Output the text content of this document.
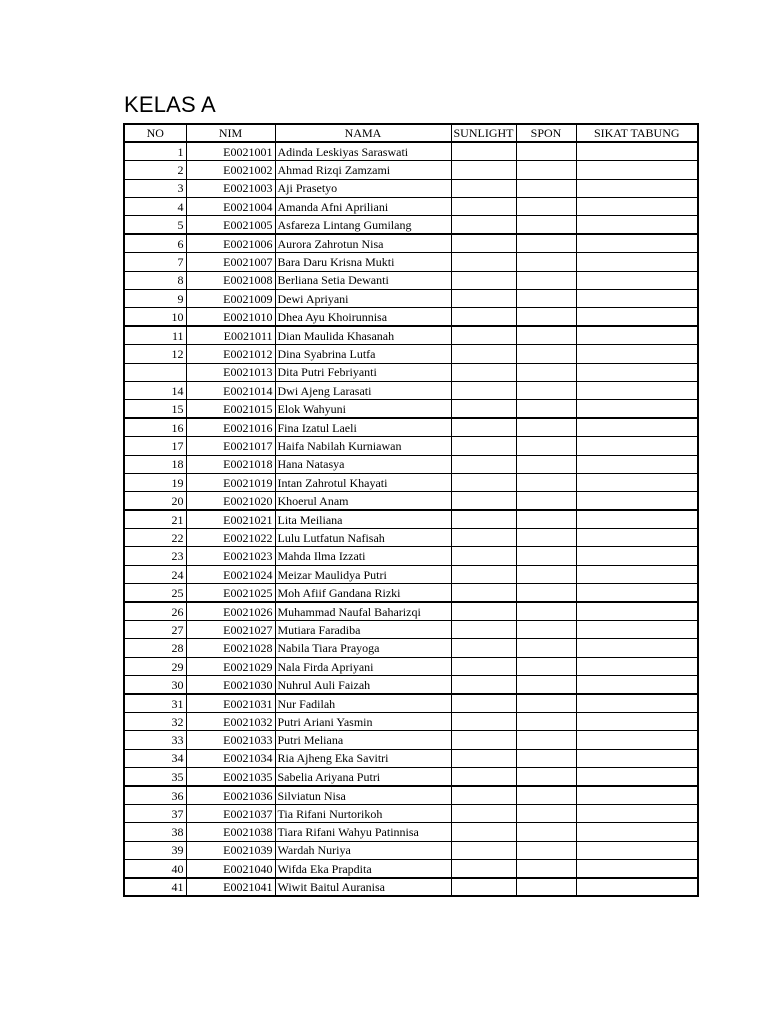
KELAS A
NO	NIM	NAMA	SUNLIGHT	SPON	SIKAT TABUNG
1	E0021001	Adinda Leskiyas Saraswati			
2	E0021002	Ahmad Rizqi Zamzami			
3	E0021003	Aji Prasetyo			
4	E0021004	Amanda Afni Apriliani			
5	E0021005	Asfareza Lintang Gumilang			
6	E0021006	Aurora Zahrotun Nisa			
7	E0021007	Bara Daru Krisna Mukti			
8	E0021008	Berliana Setia Dewanti			
9	E0021009	Dewi Apriyani			
10	E0021010	Dhea Ayu Khoirunnisa			
11	E0021011	Dian Maulida Khasanah			
12	E0021012	Dina Syabrina Lutfa			
	E0021013	Dita Putri Febriyanti			
14	E0021014	Dwi Ajeng Larasati			
15	E0021015	Elok Wahyuni			
16	E0021016	Fina Izatul Laeli			
17	E0021017	Haifa Nabilah Kurniawan			
18	E0021018	Hana Natasya			
19	E0021019	Intan Zahrotul Khayati			
20	E0021020	Khoerul Anam			
21	E0021021	Lita Meiliana			
22	E0021022	Lulu Lutfatun Nafisah			
23	E0021023	Mahda Ilma Izzati			
24	E0021024	Meizar Maulidya Putri			
25	E0021025	Moh Afiif Gandana Rizki			
26	E0021026	Muhammad Naufal Baharizqi			
27	E0021027	Mutiara Faradiba			
28	E0021028	Nabila Tiara Prayoga			
29	E0021029	Nala Firda Apriyani			
30	E0021030	Nuhrul Auli Faizah			
31	E0021031	Nur Fadilah			
32	E0021032	Putri Ariani Yasmin			
33	E0021033	Putri Meliana			
34	E0021034	Ria Ajheng Eka Savitri			
35	E0021035	Sabelia Ariyana Putri			
36	E0021036	Silviatun Nisa			
37	E0021037	Tia Rifani Nurtorikoh			
38	E0021038	Tiara Rifani Wahyu Patinnisa			
39	E0021039	Wardah Nuriya			
40	E0021040	Wifda Eka Prapdita			
41	E0021041	Wiwit Baitul Auranisa			
